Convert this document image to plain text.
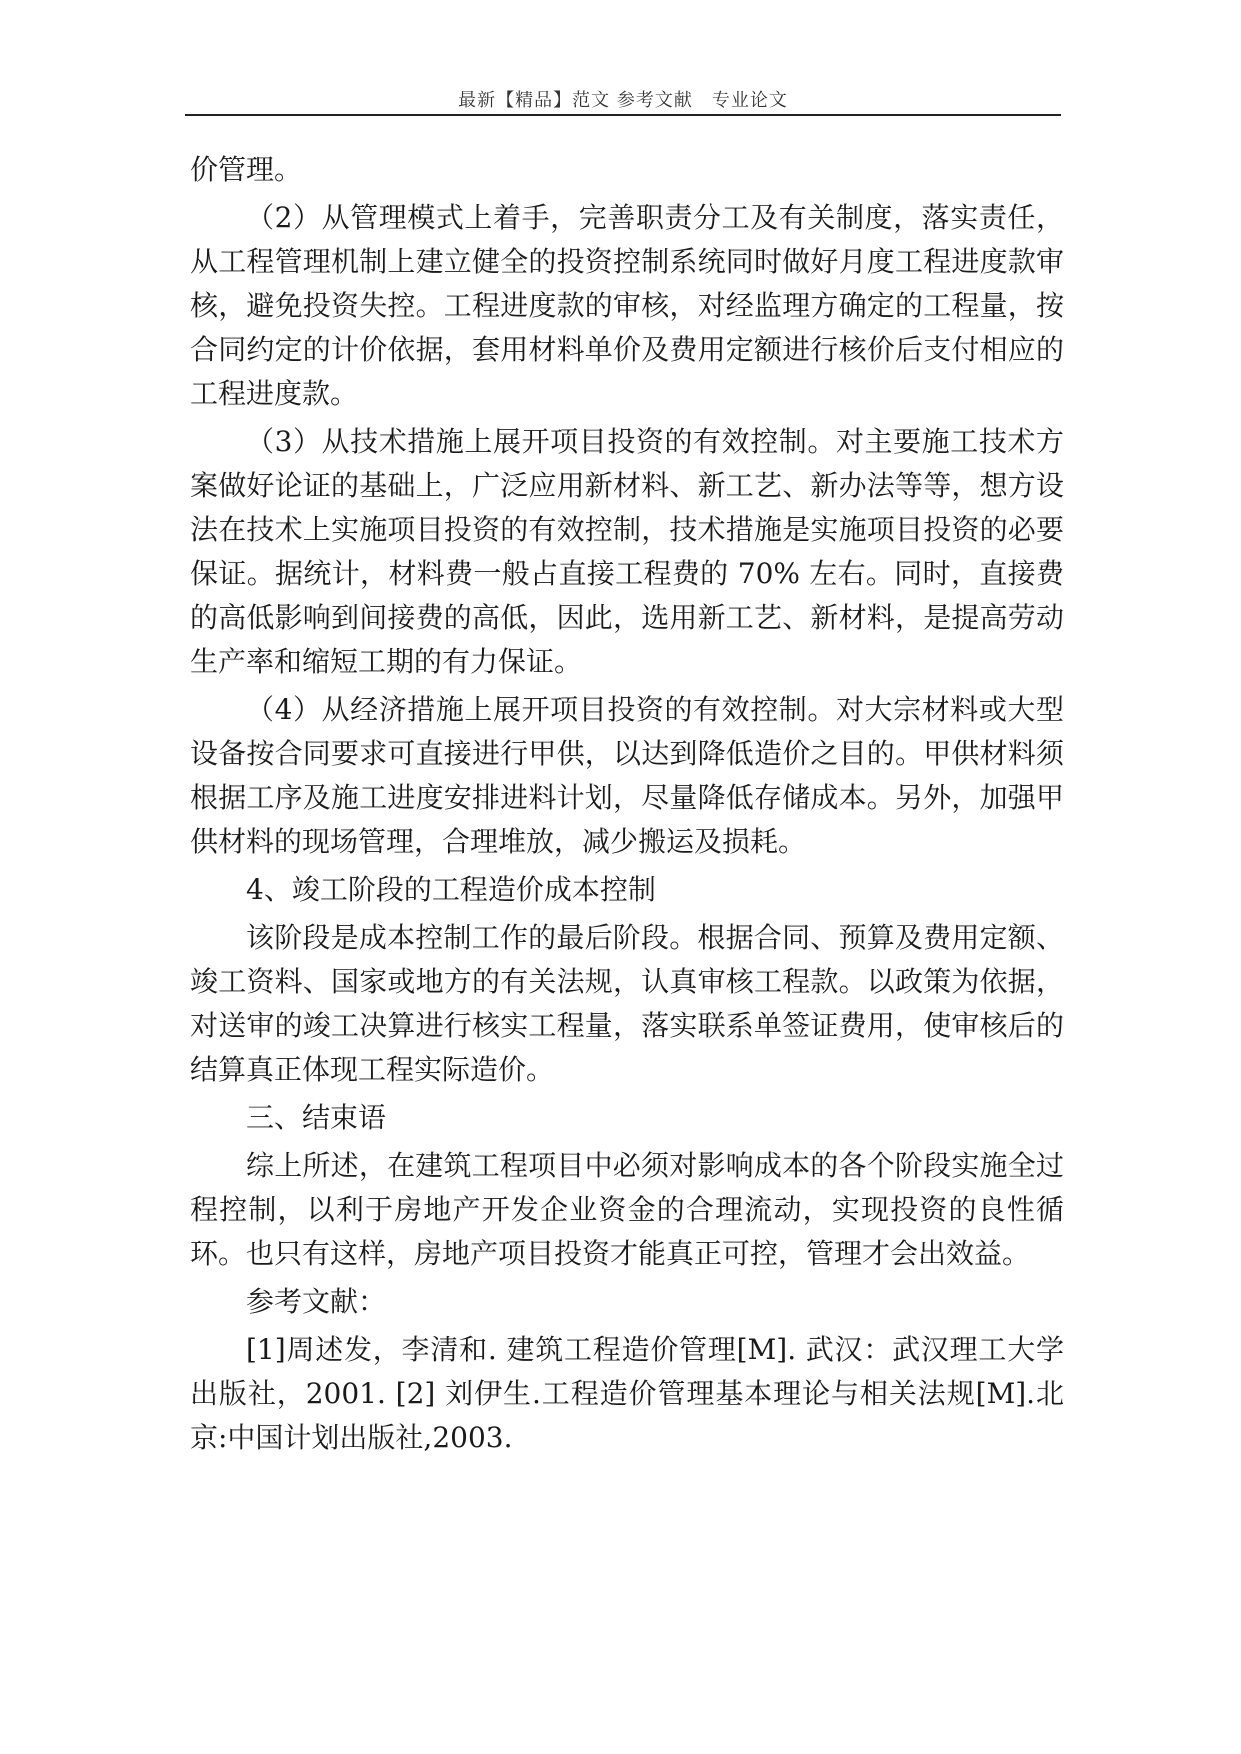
最新【精品】范文 参考文献　专业论文

价管理。

（2）从管理模式上着手，完善职责分工及有关制度，落实责任，从工程管理机制上建立健全的投资控制系统同时做好月度工程进度款审核，避免投资失控。工程进度款的审核，对经监理方确定的工程量，按合同约定的计价依据，套用材料单价及费用定额进行核价后支付相应的工程进度款。

（3）从技术措施上展开项目投资的有效控制。对主要施工技术方案做好论证的基础上，广泛应用新材料、新工艺、新办法等等，想方设法在技术上实施项目投资的有效控制，技术措施是实施项目投资的必要保证。据统计，材料费一般占直接工程费的 70% 左右。同时，直接费的高低影响到间接费的高低，因此，选用新工艺、新材料，是提高劳动生产率和缩短工期的有力保证。

（4）从经济措施上展开项目投资的有效控制。对大宗材料或大型设备按合同要求可直接进行甲供，以达到降低造价之目的。甲供材料须根据工序及施工进度安排进料计划，尽量降低存储成本。另外，加强甲供材料的现场管理，合理堆放，减少搬运及损耗。

4、竣工阶段的工程造价成本控制

该阶段是成本控制工作的最后阶段。根据合同、预算及费用定额、竣工资料、国家或地方的有关法规，认真审核工程款。以政策为依据，对送审的竣工决算进行核实工程量，落实联系单签证费用，使审核后的结算真正体现工程实际造价。

三、结束语

综上所述，在建筑工程项目中必须对影响成本的各个阶段实施全过程控制，以利于房地产开发企业资金的合理流动，实现投资的良性循环。也只有这样，房地产项目投资才能真正可控，管理才会出效益。

参考文献：

[1]周述发，李清和. 建筑工程造价管理[M]. 武汉：武汉理工大学出版社，2001. [2] 刘伊生.工程造价管理基本理论与相关法规[M].北京:中国计划出版社,2003.
